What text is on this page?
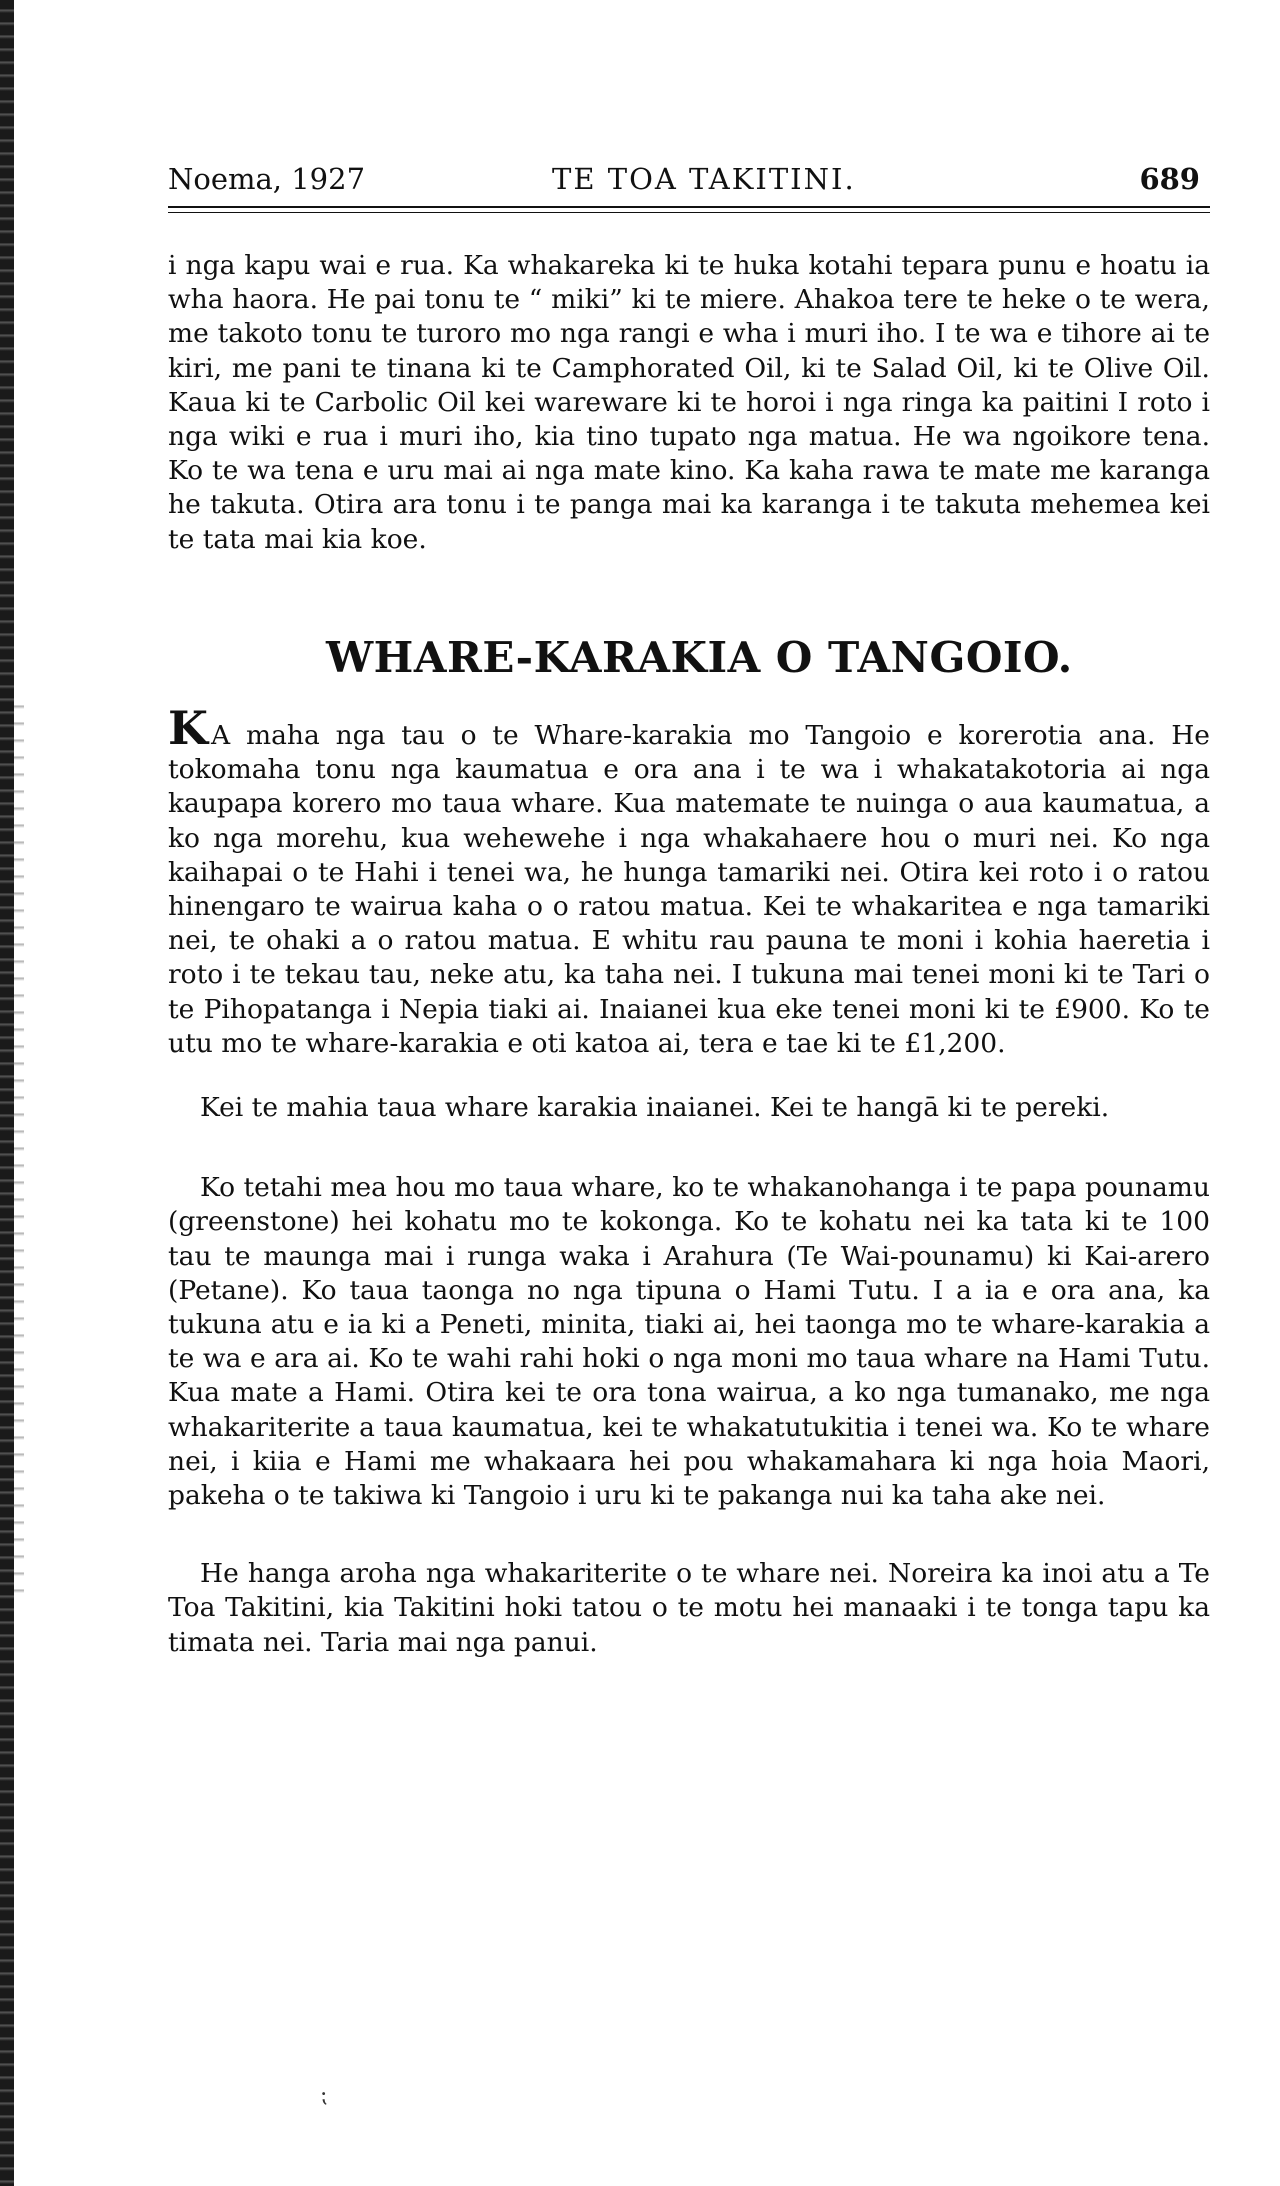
Noema, 1927	TE TOA TAKITINI.	689

i nga kapu wai e rua. Ka whakareka ki te huka kotahi tepara punu e hoatu ia wha haora. He pai tonu te “ miki” ki te miere. Ahakoa tere te heke o te wera, me takoto tonu te turoro mo nga rangi e wha i muri iho. I te wa e tihore ai te kiri, me pani te tinana ki te Camphorated Oil, ki te Salad Oil, ki te Olive Oil. Kaua ki te Carbolic Oil kei wareware ki te horoi i nga ringa ka paitini I roto i nga wiki e rua i muri iho, kia tino tupato nga matua. He wa ngoikore tena. Ko te wa tena e uru mai ai nga mate kino. Ka kaha rawa te mate me karanga he takuta. Otira ara tonu i te panga mai ka karanga i te takuta mehemea kei te tata mai kia koe.

WHARE-KARAKIA O TANGOIO.

K A maha nga tau o te Whare-karakia mo Tangoio e korerotia ana. He tokomaha tonu nga kaumatua e ora ana i te wa i whakatakotoria ai nga kaupapa korero mo taua whare. Kua matemate te nuinga o aua kaumatua, a ko nga morehu, kua wehewehe i nga whakahaere hou o muri nei. Ko nga kaihapai o te Hahi i tenei wa, he hunga tamariki nei. Otira kei roto i o ratou hinengaro te wairua kaha o o ratou matua. Kei te whakaritea e nga tamariki nei, te ohaki a o ratou matua. E whitu rau pauna te moni i kohia haeretia i roto i te tekau tau, neke atu, ka taha nei. I tukuna mai tenei moni ki te Tari o te Pihopatanga i Nepia tiaki ai. Inaianei kua eke tenei moni ki te £900. Ko te utu mo te whare-karakia e oti katoa ai, tera e tae ki te £1,200.

Kei te mahia taua whare karakia inaianei. Kei te hangā ki te pereki.

Ko tetahi mea hou mo taua whare, ko te whakanohanga i te papa pounamu (greenstone) hei kohatu mo te kokonga. Ko te kohatu nei ka tata ki te 100 tau te maunga mai i runga waka i Arahura (Te Wai-pounamu) ki Kai-arero (Petane). Ko taua taonga no nga tipuna o Hami Tutu. I a ia e ora ana, ka tukuna atu e ia ki a Peneti, minita, tiaki ai, hei taonga mo te whare-karakia a te wa e ara ai. Ko te wahi rahi hoki o nga moni mo taua whare na Hami Tutu. Kua mate a Hami. Otira kei te ora tona wairua, a ko nga tumanako, me nga whakariterite a taua kaumatua, kei te whakatutukitia i tenei wa. Ko te whare nei, i kiia e Hami me whakaara hei pou whakamahara ki nga hoia Maori, pakeha o te takiwa ki Tangoio i uru ki te pakanga nui ka taha ake nei.

He hanga aroha nga whakariterite o te whare nei. Noreira ka inoi atu a Te Toa Takitini, kia Takitini hoki tatou o te motu hei manaaki i te tonga tapu ka timata nei. Taria mai nga panui.

⁏
